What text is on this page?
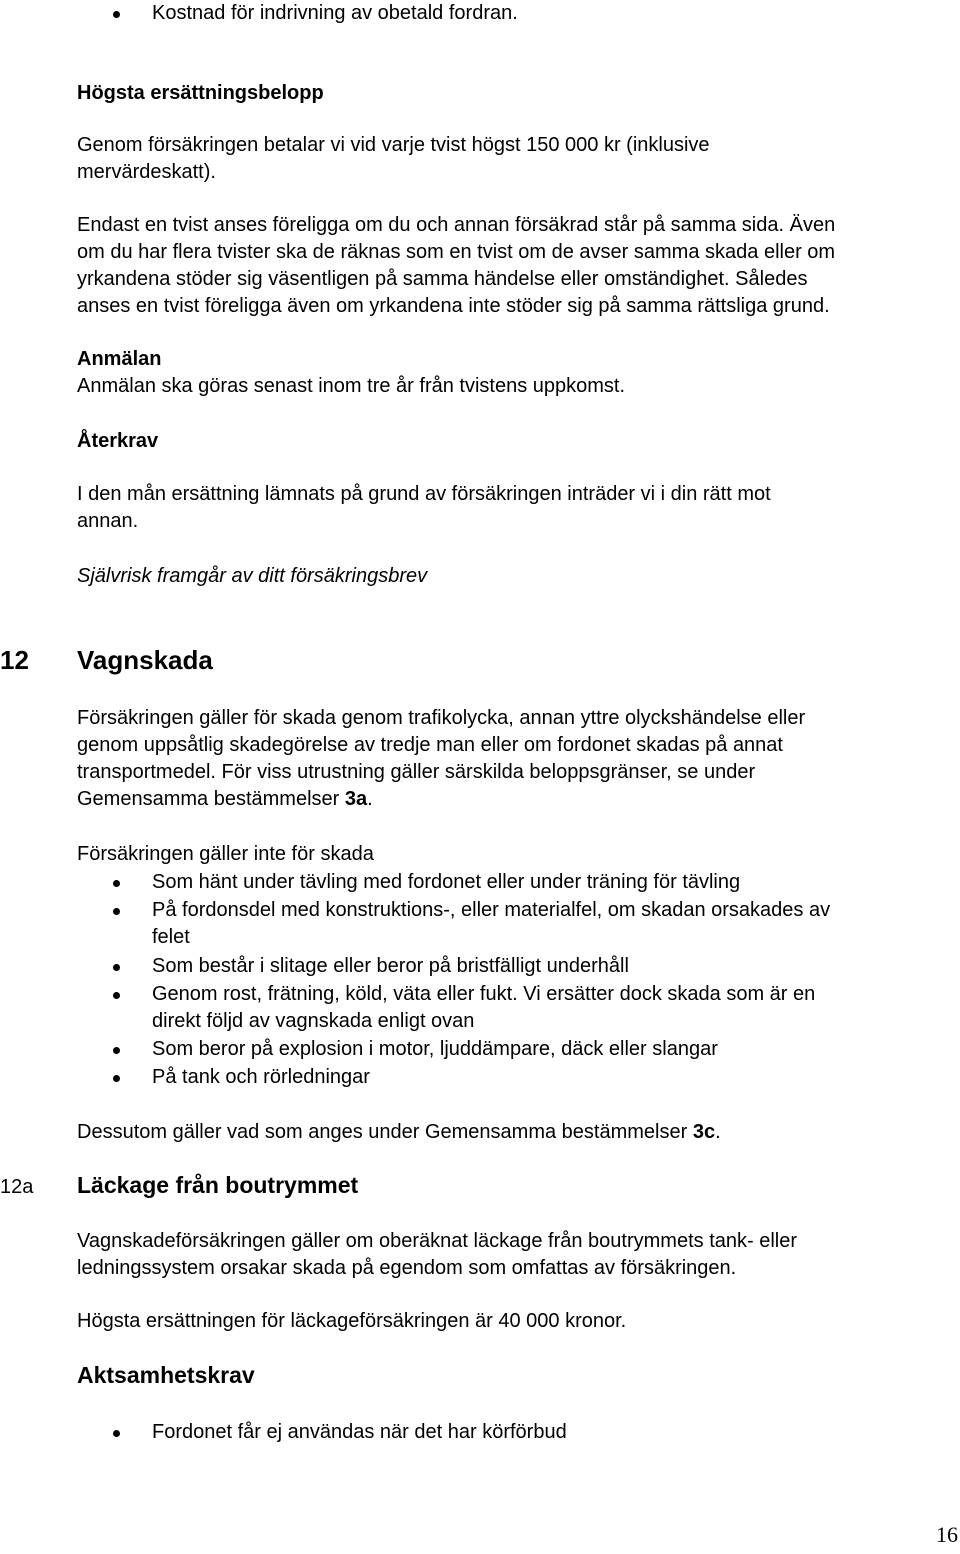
Kostnad för indrivning av obetald fordran.
Högsta ersättningsbelopp
Genom försäkringen betalar vi vid varje tvist högst 150 000 kr (inklusive
mervärdeskatt).
Endast en tvist anses föreligga om du och annan försäkrad står på samma sida. Även
om du har flera tvister ska de räknas som en tvist om de avser samma skada eller om
yrkandena stöder sig väsentligen på samma händelse eller omständighet. Således
anses en tvist föreligga även om yrkandena inte stöder sig på samma rättsliga grund.
Anmälan
Anmälan ska göras senast inom tre år från tvistens uppkomst.
Återkrav
I den mån ersättning lämnats på grund av försäkringen inträder vi i din rätt mot
annan.
Självrisk framgår av ditt försäkringsbrev
12 Vagnskada
Försäkringen gäller för skada genom trafikolycka, annan yttre olyckshändelse eller
genom uppsåtlig skadegörelse av tredje man eller om fordonet skadas på annat
transportmedel. För viss utrustning gäller särskilda beloppsgränser, se under
Gemensamma bestämmelser 3a.
Försäkringen gäller inte för skada
Som hänt under tävling med fordonet eller under träning för tävling
På fordonsdel med konstruktions-, eller materialfel, om skadan orsakades av
felet
Som består i slitage eller beror på bristfälligt underhåll
Genom rost, frätning, köld, väta eller fukt. Vi ersätter dock skada som är en
direkt följd av vagnskada enligt ovan
Som beror på explosion i motor, ljuddämpare, däck eller slangar
På tank och rörledningar
Dessutom gäller vad som anges under Gemensamma bestämmelser 3c.
12a Läckage från boutrymmet
Vagnskadeförsäkringen gäller om oberäknat läckage från boutrymmets tank- eller
ledningssystem orsakar skada på egendom som omfattas av försäkringen.
Högsta ersättningen för läckageförsäkringen är 40 000 kronor.
Aktsamhetskrav
Fordonet får ej användas när det har körförbud
16
